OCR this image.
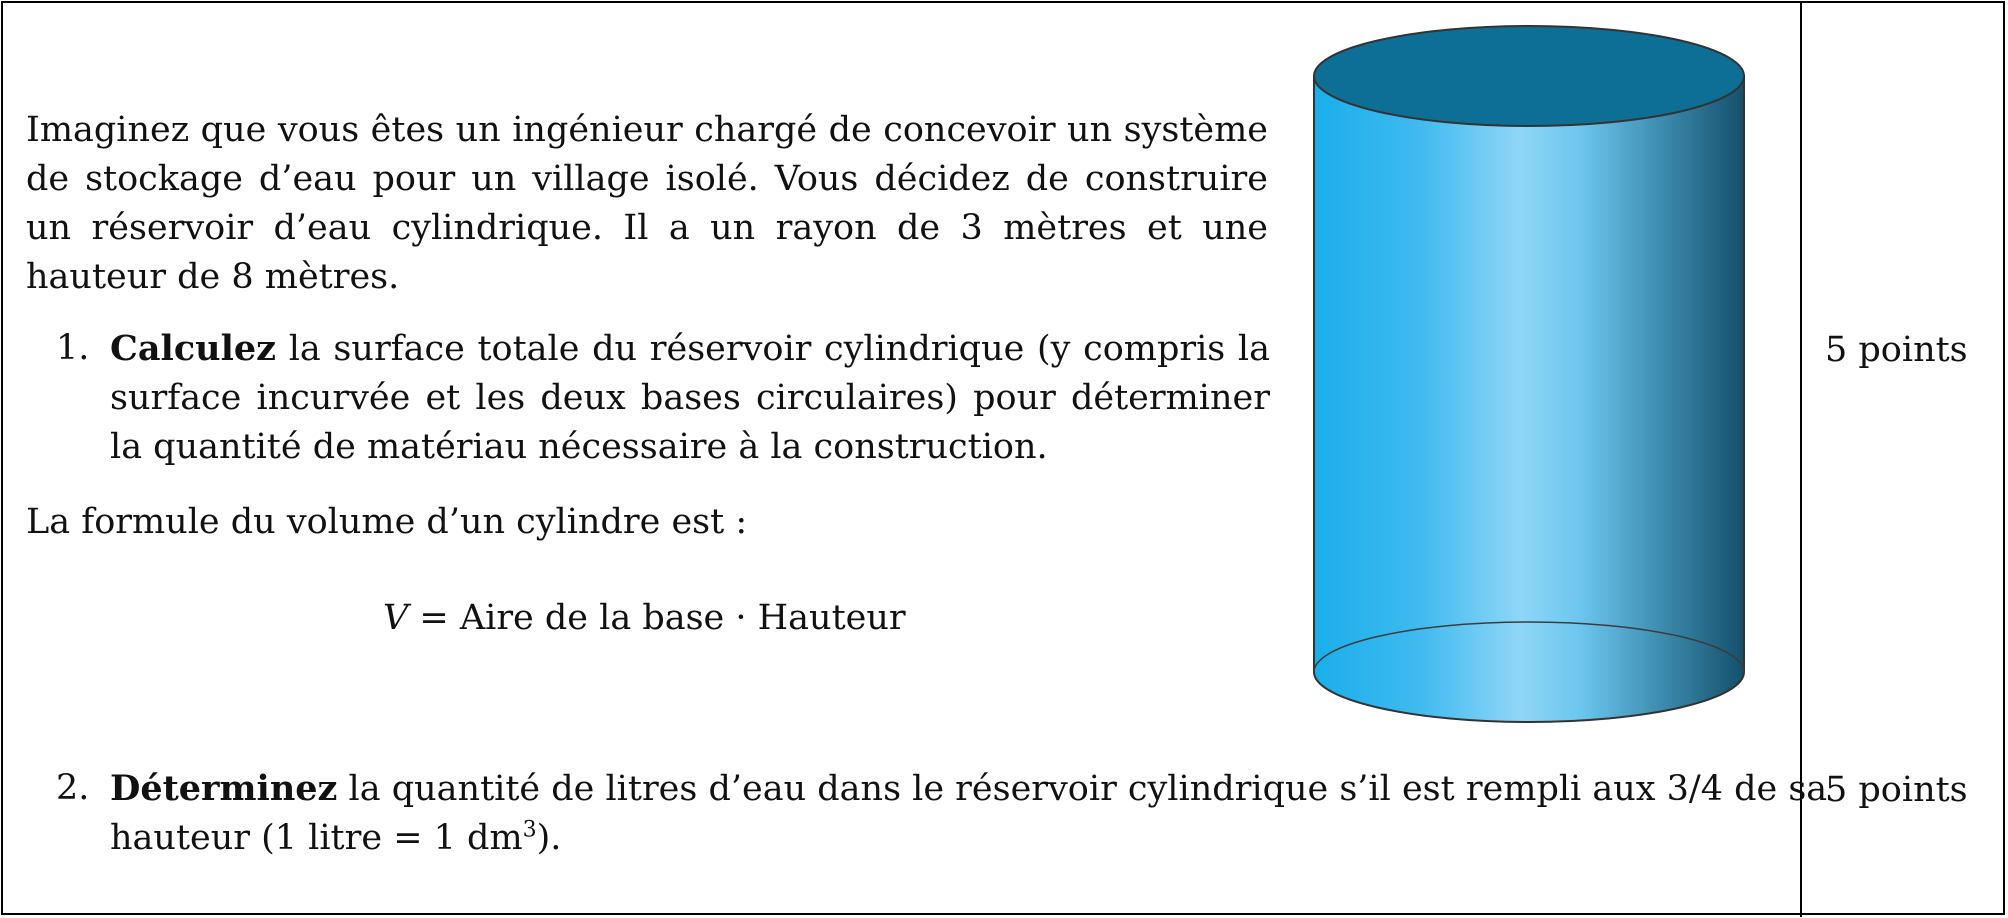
Imaginez que vous êtes un ingénieur chargé de concevoir un système de stockage d’eau pour un village isolé. Vous décidez de construire un réservoir d’eau cylindrique. Il a un rayon de 3 mètres et une hauteur de 8 mètres.

1. Calculez la surface totale du réservoir cylindrique (y compris la surface incurvée et les deux bases circulaires) pour déterminer la quantité de matériau nécessaire à la construction.
La formule du volume d’un cylindre est :
V = Aire de la base · Hauteur
2. Déterminez la quantité de litres d’eau dans le réservoir cylindrique s’il est rempli aux 3/4 de sa hauteur (1 litre = 1 $dm^3$).
5 points
5 points
